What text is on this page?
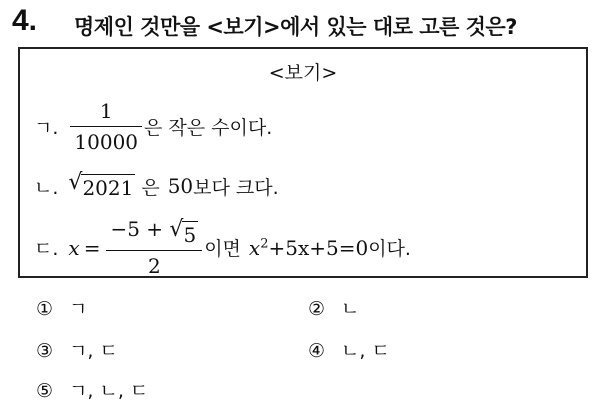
4. 명제인 것만을 <보기>에서 있는 대로 고른 것은?
<보기>
ㄱ. $\frac{1}{10000}$ 은 작은 수이다.
ㄴ. √ 2021 은 50 보다 크다.
ㄷ. $x = \frac{-5 + √ 5}{2}$ 이면 $x^2+5x+5=0$ 이다.
① ㄱ	② ㄴ
③ ㄱ, ㄷ	④ ㄴ, ㄷ
⑤ ㄱ, ㄴ, ㄷ
